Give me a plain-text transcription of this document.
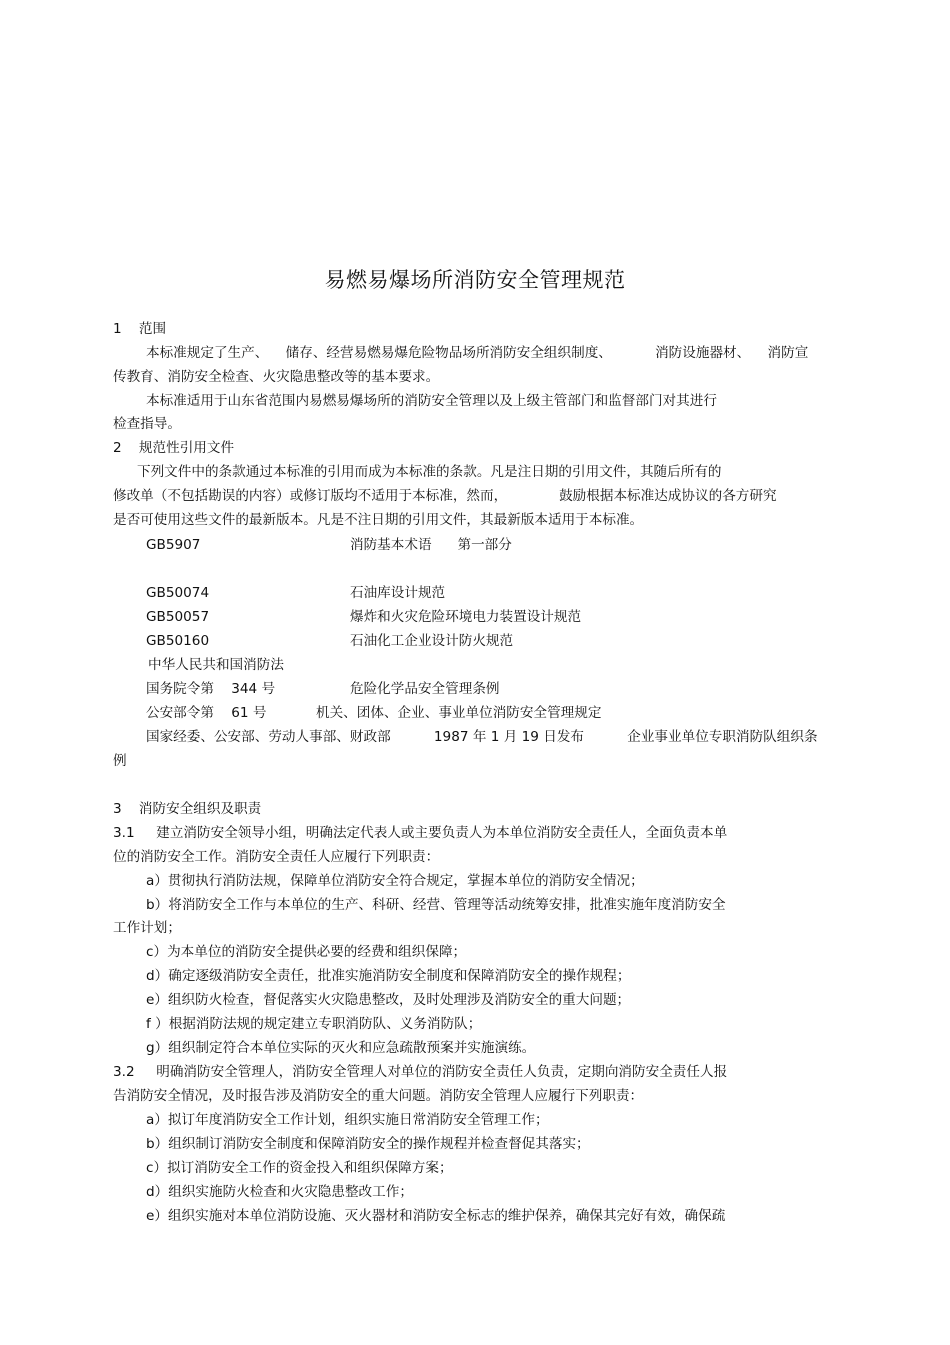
易燃易爆场所消防安全管理规范
1    范围
本标准规定了生产、    储存、经营易燃易爆危险物品场所消防安全组织制度、          消防设施器材、    消防宣
传教育、消防安全检查、火灾隐患整改等的基本要求。
本标准适用于山东省范围内易燃易爆场所的消防安全管理以及上级主管部门和监督部门对其进行
检查指导。
2    规范性引用文件
下列文件中的条款通过本标准的引用而成为本标准的条款。凡是注日期的引用文件，其随后所有的
修改单（不包括勘误的内容）或修订版均不适用于本标准，然而，            鼓励根据本标准达成协议的各方研究
是否可使用这些文件的最新版本。凡是不注日期的引用文件，其最新版本适用于本标准。
GB5907	消防基本术语      第一部分
GB50074	石油库设计规范
GB50057	爆炸和火灾危险环境电力装置设计规范
GB50160	石油化工企业设计防火规范
中华人民共和国消防法
国务院令第    344 号	危险化学品安全管理条例
公安部令第    61 号	机关、团体、企业、事业单位消防安全管理规定
国家经委、公安部、劳动人事部、财政部          1987 年 1 月 19 日发布          企业事业单位专职消防队组织条
例
3    消防安全组织及职责
3.1     建立消防安全领导小组，明确法定代表人或主要负责人为本单位消防安全责任人，全面负责本单
位的消防安全工作。消防安全责任人应履行下列职责：
a）贯彻执行消防法规，保障单位消防安全符合规定，掌握本单位的消防安全情况；
b）将消防安全工作与本单位的生产、科研、经营、管理等活动统筹安排，批准实施年度消防安全
工作计划；
c）为本单位的消防安全提供必要的经费和组织保障；
d）确定逐级消防安全责任，批准实施消防安全制度和保障消防安全的操作规程；
e）组织防火检查，督促落实火灾隐患整改，及时处理涉及消防安全的重大问题；
f ）根据消防法规的规定建立专职消防队、义务消防队；
g）组织制定符合本单位实际的灭火和应急疏散预案并实施演练。
3.2     明确消防安全管理人，消防安全管理人对单位的消防安全责任人负责，定期向消防安全责任人报
告消防安全情况，及时报告涉及消防安全的重大问题。消防安全管理人应履行下列职责：
a）拟订年度消防安全工作计划，组织实施日常消防安全管理工作；
b）组织制订消防安全制度和保障消防安全的操作规程并检查督促其落实；
c）拟订消防安全工作的资金投入和组织保障方案；
d）组织实施防火检查和火灾隐患整改工作；
e）组织实施对本单位消防设施、灭火器材和消防安全标志的维护保养，确保其完好有效，确保疏
